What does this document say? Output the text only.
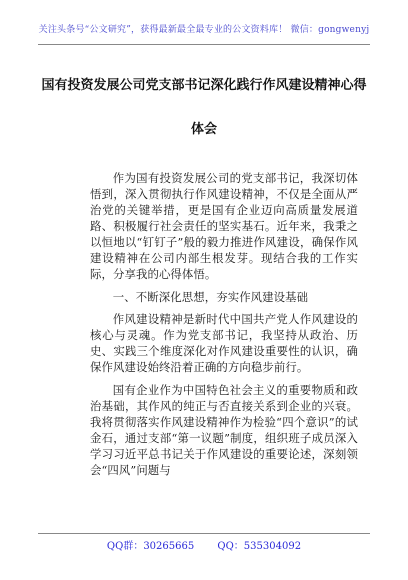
关注头条号“公文研究”，获得最新最全最专业的公文资料库！ 微信：gongwenyj
国有投资发展公司党支部书记深化践行作风建设精神心得
体会

作为国有投资发展公司的党支部书记，我深切体悟到，深入贯彻执行作风建设精神，不仅是全面从严治党的关键举措，更是国有企业迈向高质量发展道路、积极履行社会责任的坚实基石。近年来，我秉之以恒地以“钉钉子”般的毅力推进作风建设，确保作风建设精神在公司内部生根发芽。现结合我的工作实际，分享我的心得体悟。

一、不断深化思想，夯实作风建设基础

作风建设精神是新时代中国共产党人作风建设的核心与灵魂。作为党支部书记，我坚持从政治、历史、实践三个维度深化对作风建设重要性的认识，确保作风建设始终沿着正确的方向稳步前行。

国有企业作为中国特色社会主义的重要物质和政治基础，其作风的纯正与否直接关系到企业的兴衰。我将贯彻落实作风建设精神作为检验“四个意识”的试金石，通过支部“第一议题”制度，组织班子成员深入学习习近平总书记关于作风建设的重要论述，深刻领会“四风”问题与

QQ群：30265665 QQ：535304092
